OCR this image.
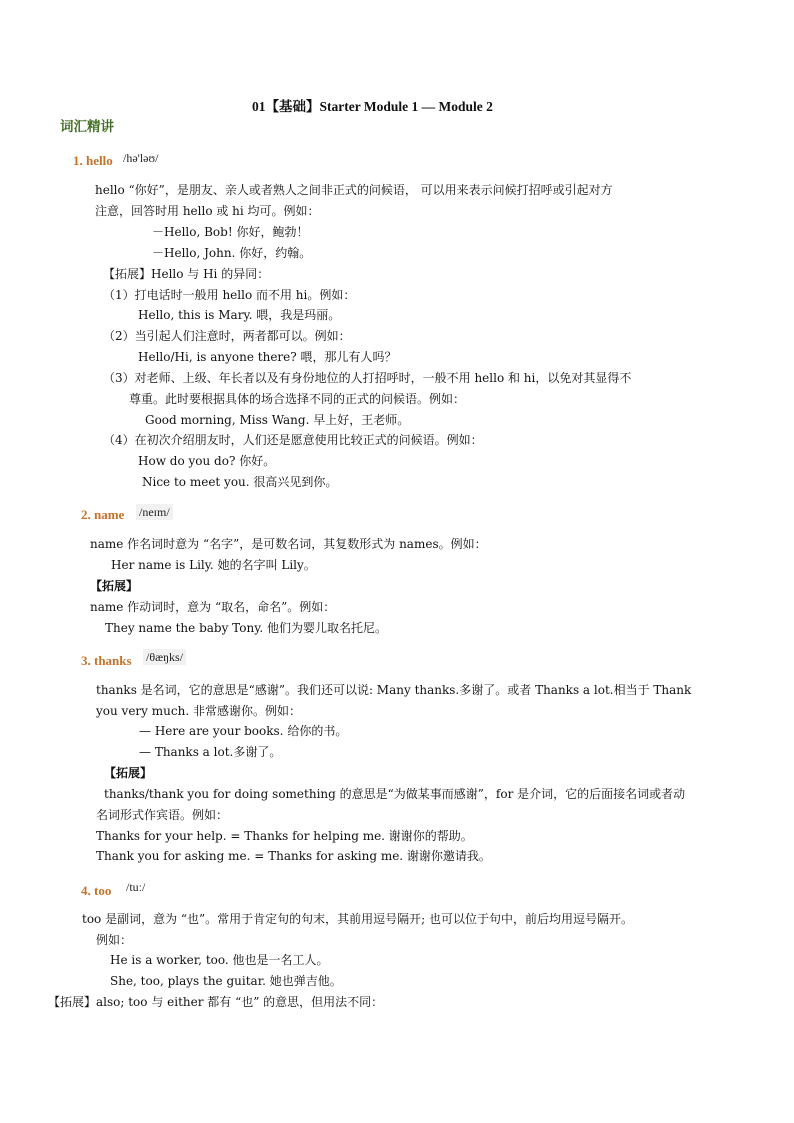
01【基础】Starter Module 1 — Module 2
词汇精讲
1. hello /hə'ləʊ/
hello “你好”，是朋友、亲人或者熟人之间非正式的问候语， 可以用来表示问候打招呼或引起对方
注意，回答时用 hello 或 hi 均可。例如：
－Hello, Bob! 你好，鲍勃！
－Hello, John. 你好，约翰。
【拓展】Hello 与 Hi 的异同：
（1）打电话时一般用 hello 而不用 hi。例如：
Hello, this is Mary. 喂，我是玛丽。
（2）当引起人们注意时，两者都可以。例如：
Hello/Hi, is anyone there? 喂，那儿有人吗？
（3）对老师、上级、年长者以及有身份地位的人打招呼时，一般不用 hello 和 hi，以免对其显得不
尊重。此时要根据具体的场合选择不同的正式的问候语。例如：
Good morning, Miss Wang. 早上好，王老师。
（4）在初次介绍朋友时，人们还是愿意使用比较正式的问候语。例如：
How do you do? 你好。
Nice to meet you. 很高兴见到你。
2. name /neɪm/
name 作名词时意为 “名字”，是可数名词，其复数形式为 names。例如：
Her name is Lily. 她的名字叫 Lily。
【拓展】
name 作动词时，意为 “取名，命名”。例如：
They name the baby Tony. 他们为婴儿取名托尼。
3. thanks /θæŋks/
thanks 是名词，它的意思是“感谢”。我们还可以说: Many thanks.多谢了。或者 Thanks a lot.相当于 Thank
you very much. 非常感谢你。例如：
— Here are your books. 给你的书。
— Thanks a lot.多谢了。
【拓展】
thanks/thank you for doing something 的意思是“为做某事而感谢”，for 是介词，它的后面接名词或者动
名词形式作宾语。例如：
Thanks for your help. = Thanks for helping me. 谢谢你的帮助。
Thank you for asking me. = Thanks for asking me. 谢谢你邀请我。
4. too /tuː/
too 是副词，意为 “也”。常用于肯定句的句末，其前用逗号隔开; 也可以位于句中，前后均用逗号隔开。
例如：
He is a worker, too. 他也是一名工人。
She, too, plays the guitar. 她也弹吉他。
【拓展】also; too 与 either 都有 “也” 的意思，但用法不同：
